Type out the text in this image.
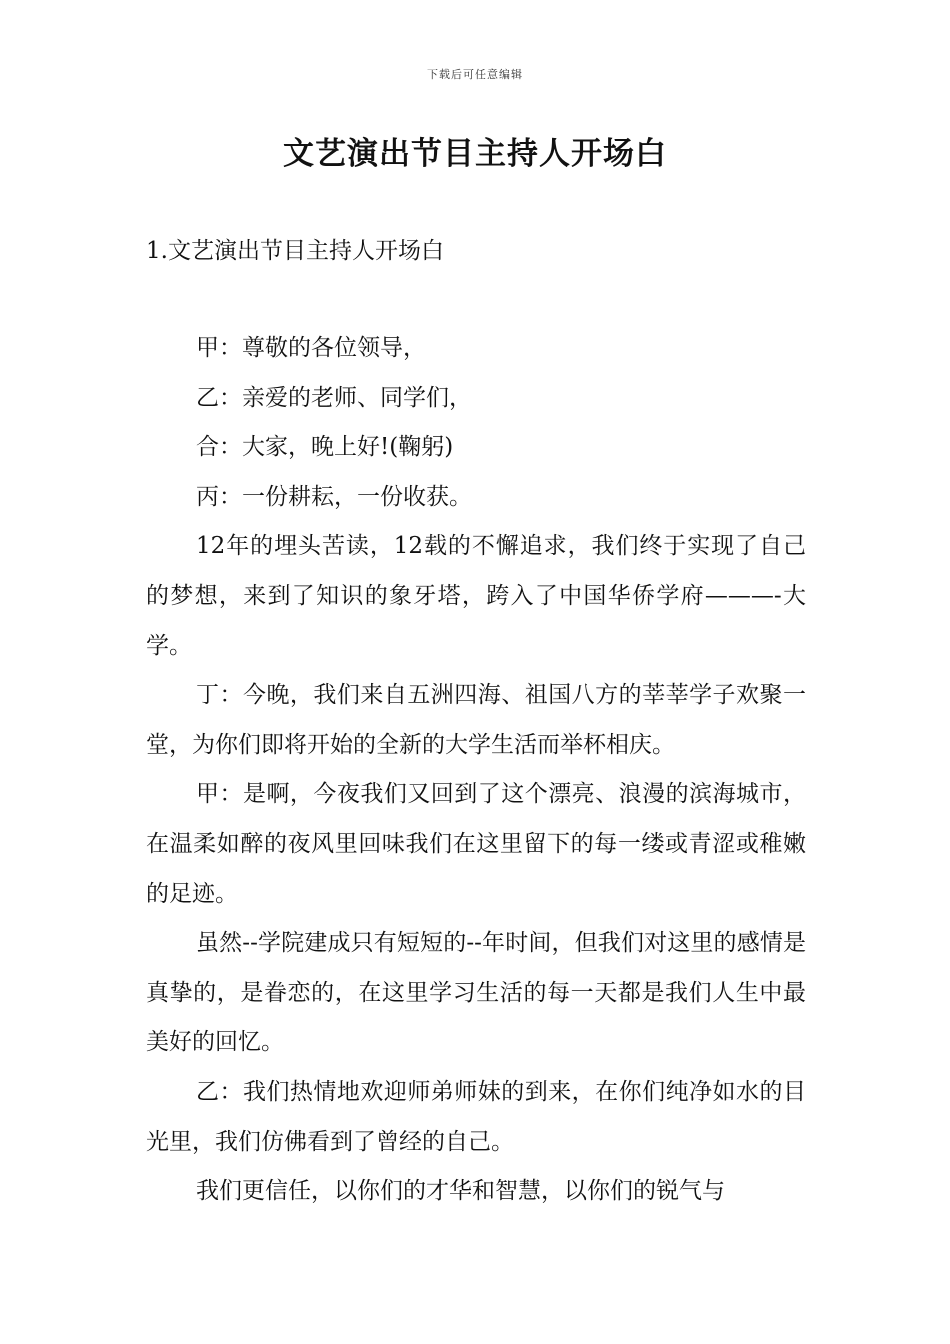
下载后可任意编辑
文艺演出节目主持人开场白
1.文艺演出节目主持人开场白

甲：尊敬的各位领导，

乙：亲爱的老师、同学们，

合：大家，晚上好!(鞠躬)

丙：一份耕耘，一份收获。

12年的埋头苦读，12载的不懈追求，我们终于实现了自己的梦想，来到了知识的象牙塔，跨入了中国华侨学府———-大学。

丁：今晚，我们来自五洲四海、祖国八方的莘莘学子欢聚一堂，为你们即将开始的全新的大学生活而举杯相庆。

甲：是啊，今夜我们又回到了这个漂亮、浪漫的滨海城市，在温柔如醉的夜风里回味我们在这里留下的每一缕或青涩或稚嫩的足迹。

虽然--学院建成只有短短的--年时间，但我们对这里的感情是真挚的，是眷恋的，在这里学习生活的每一天都是我们人生中最美好的回忆。

乙：我们热情地欢迎师弟师妹的到来，在你们纯净如水的目光里，我们仿佛看到了曾经的自己。

我们更信任，以你们的才华和智慧，以你们的锐气与
